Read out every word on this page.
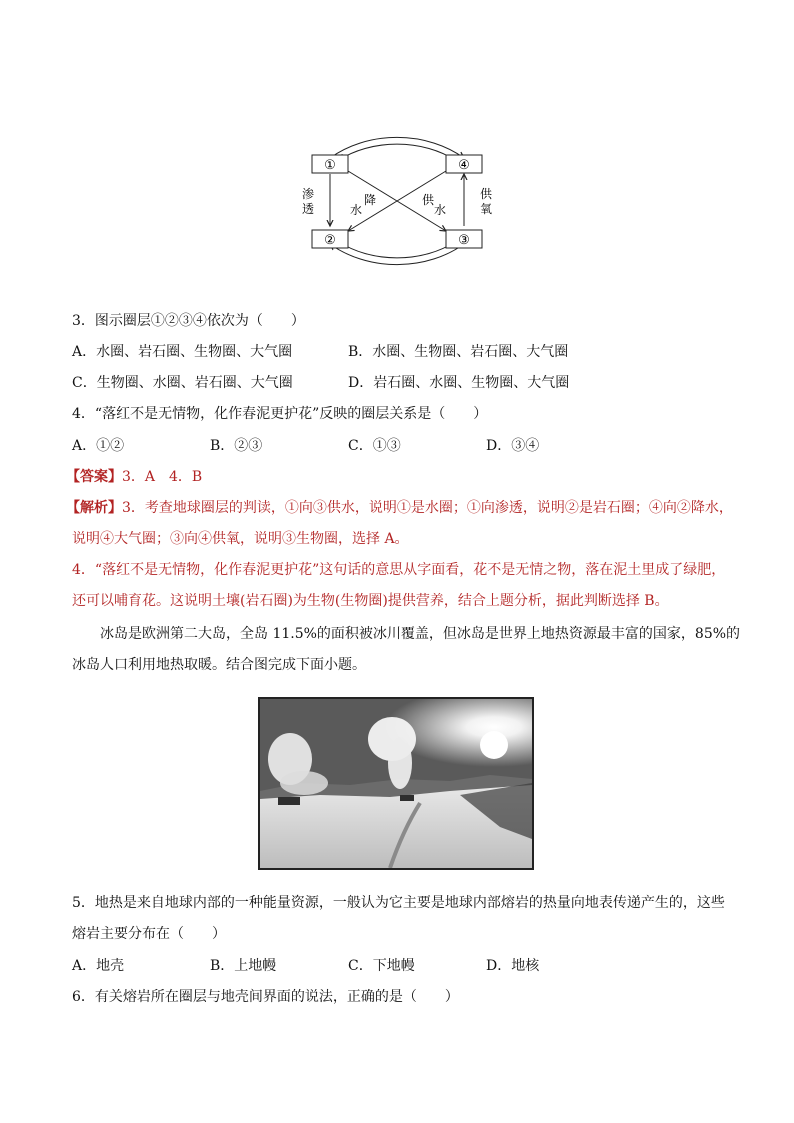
①	④
②	③
渗
透
供
氧
水
降	供
水
3．图示圈层①②③④依次为（　　）
A．水圈、岩石圈、生物圈、大气圈	B．水圈、生物圈、岩石圈、大气圈
C．生物圈、水圈、岩石圈、大气圈	D．岩石圈、水圈、生物圈、大气圈
4．“落红不是无情物，化作春泥更护花”反映的圈层关系是（　　）
A．①②	B．②③	C．①③	D．③④
【答案】3．A　4．B
【解析】3．考查地球圈层的判读，①向③供水，说明①是水圈；①向渗透，说明②是岩石圈；④向②降水，
说明④大气圈；③向④供氧，说明③生物圈，选择 A。
4．“落红不是无情物，化作春泥更护花”这句话的意思从字面看，花不是无情之物，落在泥土里成了绿肥，
还可以哺育花。这说明土壤(岩石圈)为生物(生物圈)提供营养，结合上题分析，据此判断选择 B。
冰岛是欧洲第二大岛，全岛 11.5%的面积被冰川覆盖，但冰岛是世界上地热资源最丰富的国家，85%的
冰岛人口利用地热取暖。结合图完成下面小题。
5．地热是来自地球内部的一种能量资源，一般认为它主要是地球内部熔岩的热量向地表传递产生的，这些
熔岩主要分布在（　　）
A．地壳	B．上地幔	C．下地幔	D．地核
6．有关熔岩所在圈层与地壳间界面的说法，正确的是（　　）
